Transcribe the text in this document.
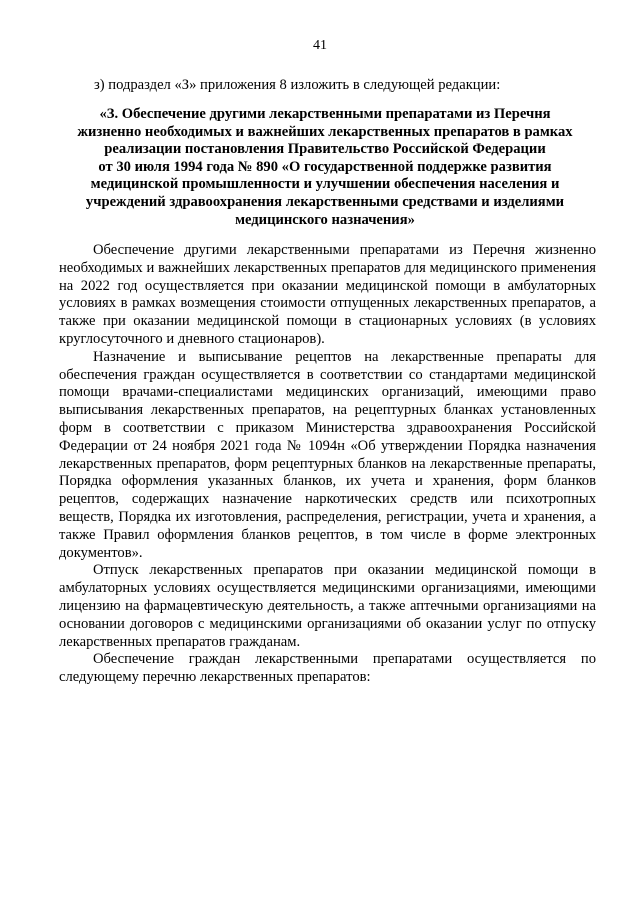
41
з) подраздел «З» приложения 8 изложить в следующей редакции:
«З. Обеспечение другими лекарственными препаратами из Перечня
жизненно необходимых и важнейших лекарственных препаратов в рамках
реализации постановления Правительство Российской Федерации
от 30 июля 1994 года № 890 «О государственной поддержке развития
медицинской промышленности и улучшении обеспечения населения и
учреждений здравоохранения лекарственными средствами и изделиями
медицинского назначения»

Обеспечение другими лекарственными препаратами из Перечня жизненно необходимых и важнейших лекарственных препаратов для медицинского применения на 2022 год осуществляется при оказании медицинской помощи в амбулаторных условиях в рамках возмещения стоимости отпущенных лекарственных препаратов, а также при оказании медицинской помощи в стационарных условиях (в условиях круглосуточного и дневного стационаров).

Назначение и выписывание рецептов на лекарственные препараты для обеспечения граждан осуществляется в соответствии со стандартами медицинской помощи врачами-специалистами медицинских организаций, имеющими право выписывания лекарственных препаратов, на рецептурных бланках установленных форм в соответствии с приказом Министерства здравоохранения Российской Федерации от 24 ноября 2021 года № 1094н «Об утверждении Порядка назначения лекарственных препаратов, форм рецептурных бланков на лекарственные препараты, Порядка оформления указанных бланков, их учета и хранения, форм бланков рецептов, содержащих назначение наркотических средств или психотропных веществ, Порядка их изготовления, распределения, регистрации, учета и хранения, а также Правил оформления бланков рецептов, в том числе в форме электронных документов».

Отпуск лекарственных препаратов при оказании медицинской помощи в амбулаторных условиях осуществляется медицинскими организациями, имеющими лицензию на фармацевтическую деятельность, а также аптечными организациями на основании договоров с медицинскими организациями об оказании услуг по отпуску лекарственных препаратов гражданам.

Обеспечение граждан лекарственными препаратами осуществляется по следующему перечню лекарственных препаратов:
